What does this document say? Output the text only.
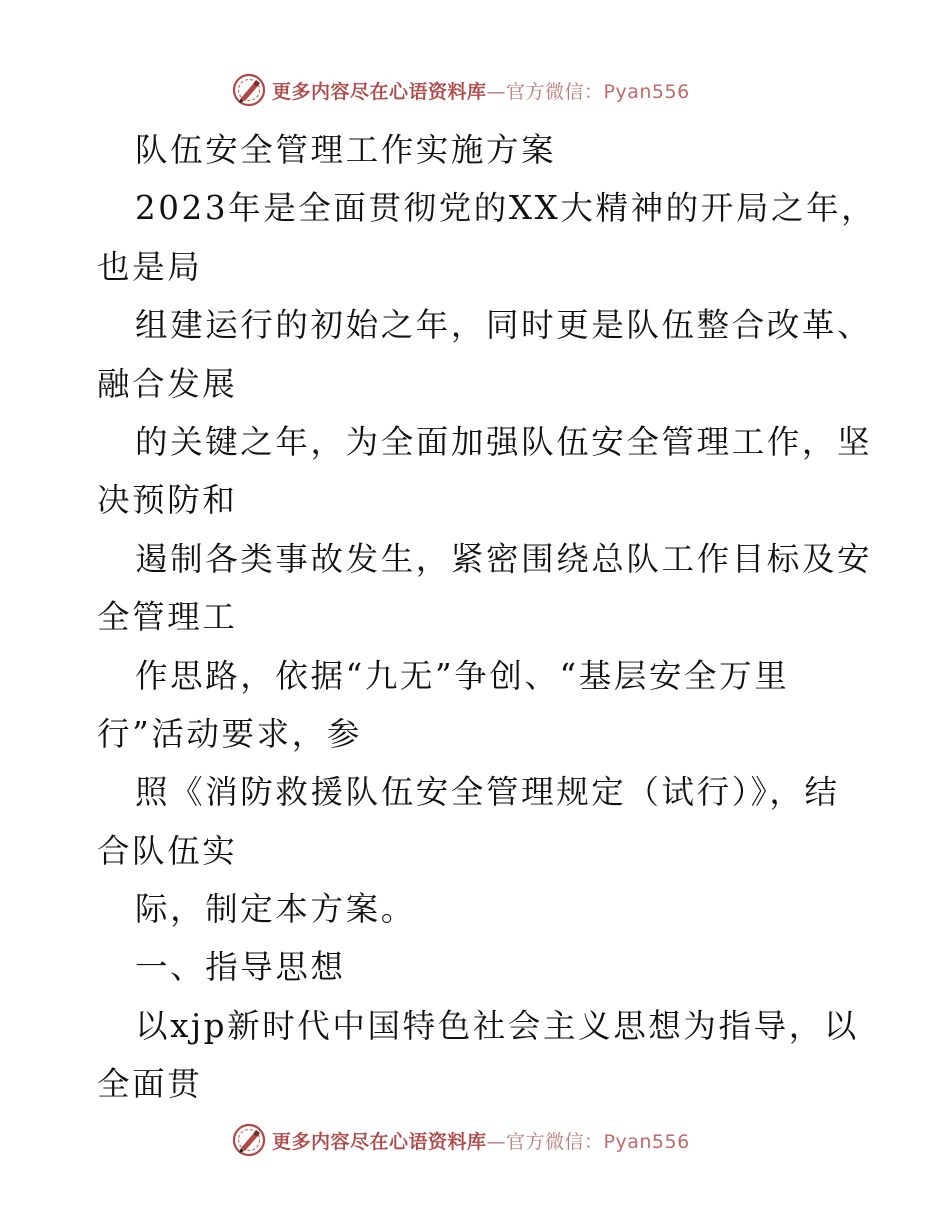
更多内容尽在心语资料库—官方微信：Pyan556
队伍安全管理工作实施方案
2023年是全面贯彻党的XX大精神的开局之年，
也是局
组建运行的初始之年，同时更是队伍整合改革、
融合发展
的关键之年，为全面加强队伍安全管理工作，坚
决预防和
遏制各类事故发生，紧密围绕总队工作目标及安
全管理工
作思路，依据“九无”争创、“基层安全万里
行”活动要求，参
照《消防救援队伍安全管理规定（试行）》，结
合队伍实
际，制定本方案。
一、指导思想
以xjp新时代中国特色社会主义思想为指导，以
全面贯
更多内容尽在心语资料库—官方微信：Pyan556
